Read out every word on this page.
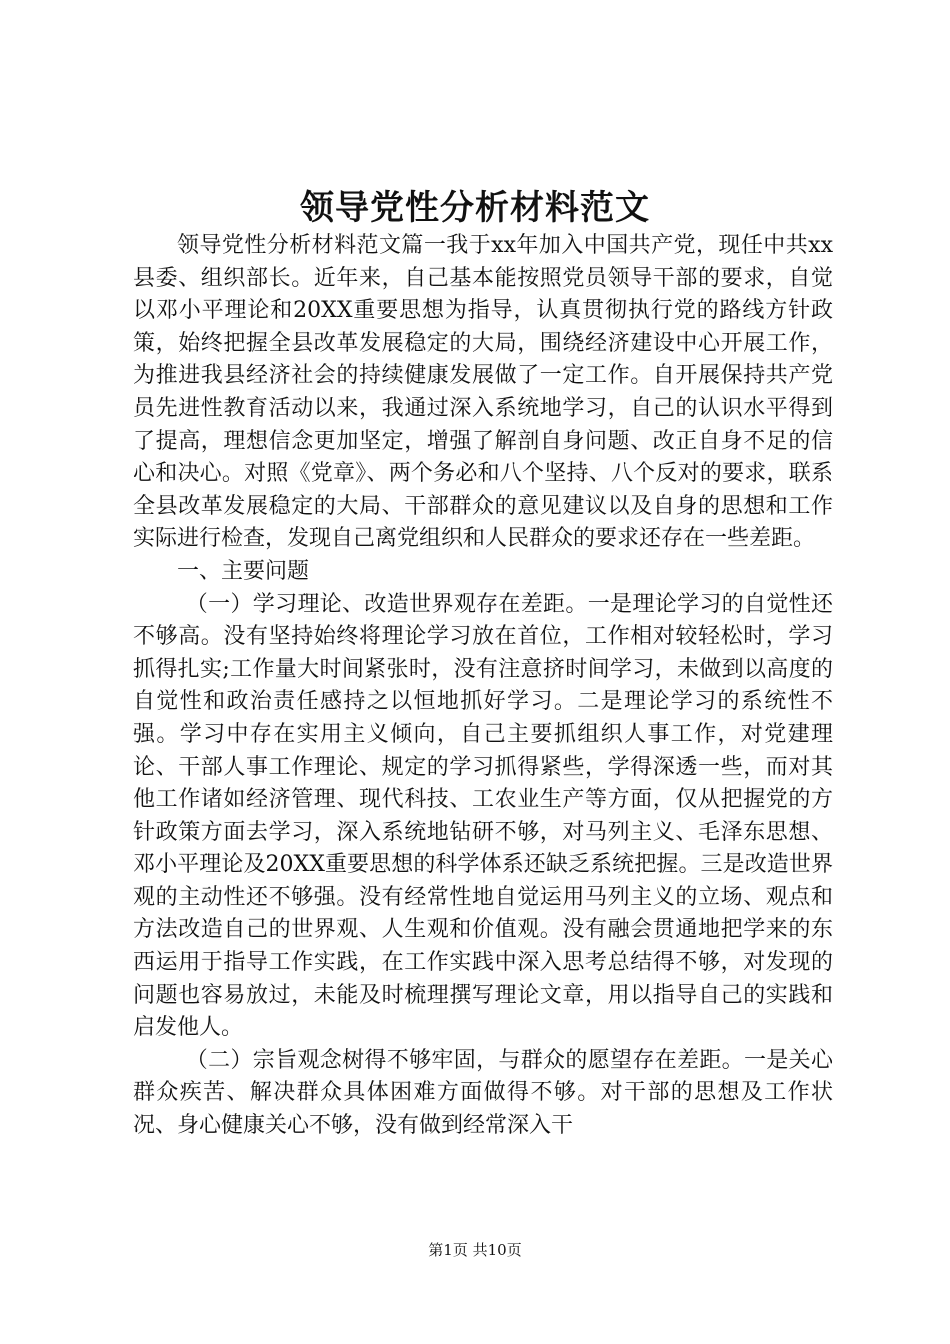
领导党性分析材料范文

领导党性分析材料范文篇一我于xx年加入中国共产党，现任中共xx县委、组织部长。近年来，自己基本能按照党员领导干部的要求，自觉以邓小平理论和20XX重要思想为指导，认真贯彻执行党的路线方针政策，始终把握全县改革发展稳定的大局，围绕经济建设中心开展工作，为推进我县经济社会的持续健康发展做了一定工作。自开展保持共产党员先进性教育活动以来，我通过深入系统地学习，自己的认识水平得到了提高，理想信念更加坚定，增强了解剖自身问题、改正自身不足的信心和决心。对照《党章》、两个务必和八个坚持、八个反对的要求，联系全县改革发展稳定的大局、干部群众的意见建议以及自身的思想和工作实际进行检查，发现自己离党组织和人民群众的要求还存在一些差距。

一、主要问题

（一）学习理论、改造世界观存在差距。一是理论学习的自觉性还不够高。没有坚持始终将理论学习放在首位，工作相对较轻松时，学习抓得扎实;工作量大时间紧张时，没有注意挤时间学习，未做到以高度的自觉性和政治责任感持之以恒地抓好学习。二是理论学习的系统性不强。学习中存在实用主义倾向，自己主要抓组织人事工作，对党建理论、干部人事工作理论、规定的学习抓得紧些，学得深透一些，而对其他工作诸如经济管理、现代科技、工农业生产等方面，仅从把握党的方针政策方面去学习，深入系统地钻研不够，对马列主义、毛泽东思想、邓小平理论及20XX重要思想的科学体系还缺乏系统把握。三是改造世界观的主动性还不够强。没有经常性地自觉运用马列主义的立场、观点和方法改造自己的世界观、人生观和价值观。没有融会贯通地把学来的东西运用于指导工作实践，在工作实践中深入思考总结得不够，对发现的问题也容易放过，未能及时梳理撰写理论文章，用以指导自己的实践和启发他人。

（二）宗旨观念树得不够牢固，与群众的愿望存在差距。一是关心群众疾苦、解决群众具体困难方面做得不够。对干部的思想及工作状况、身心健康关心不够，没有做到经常深入干

第1页 共10页
